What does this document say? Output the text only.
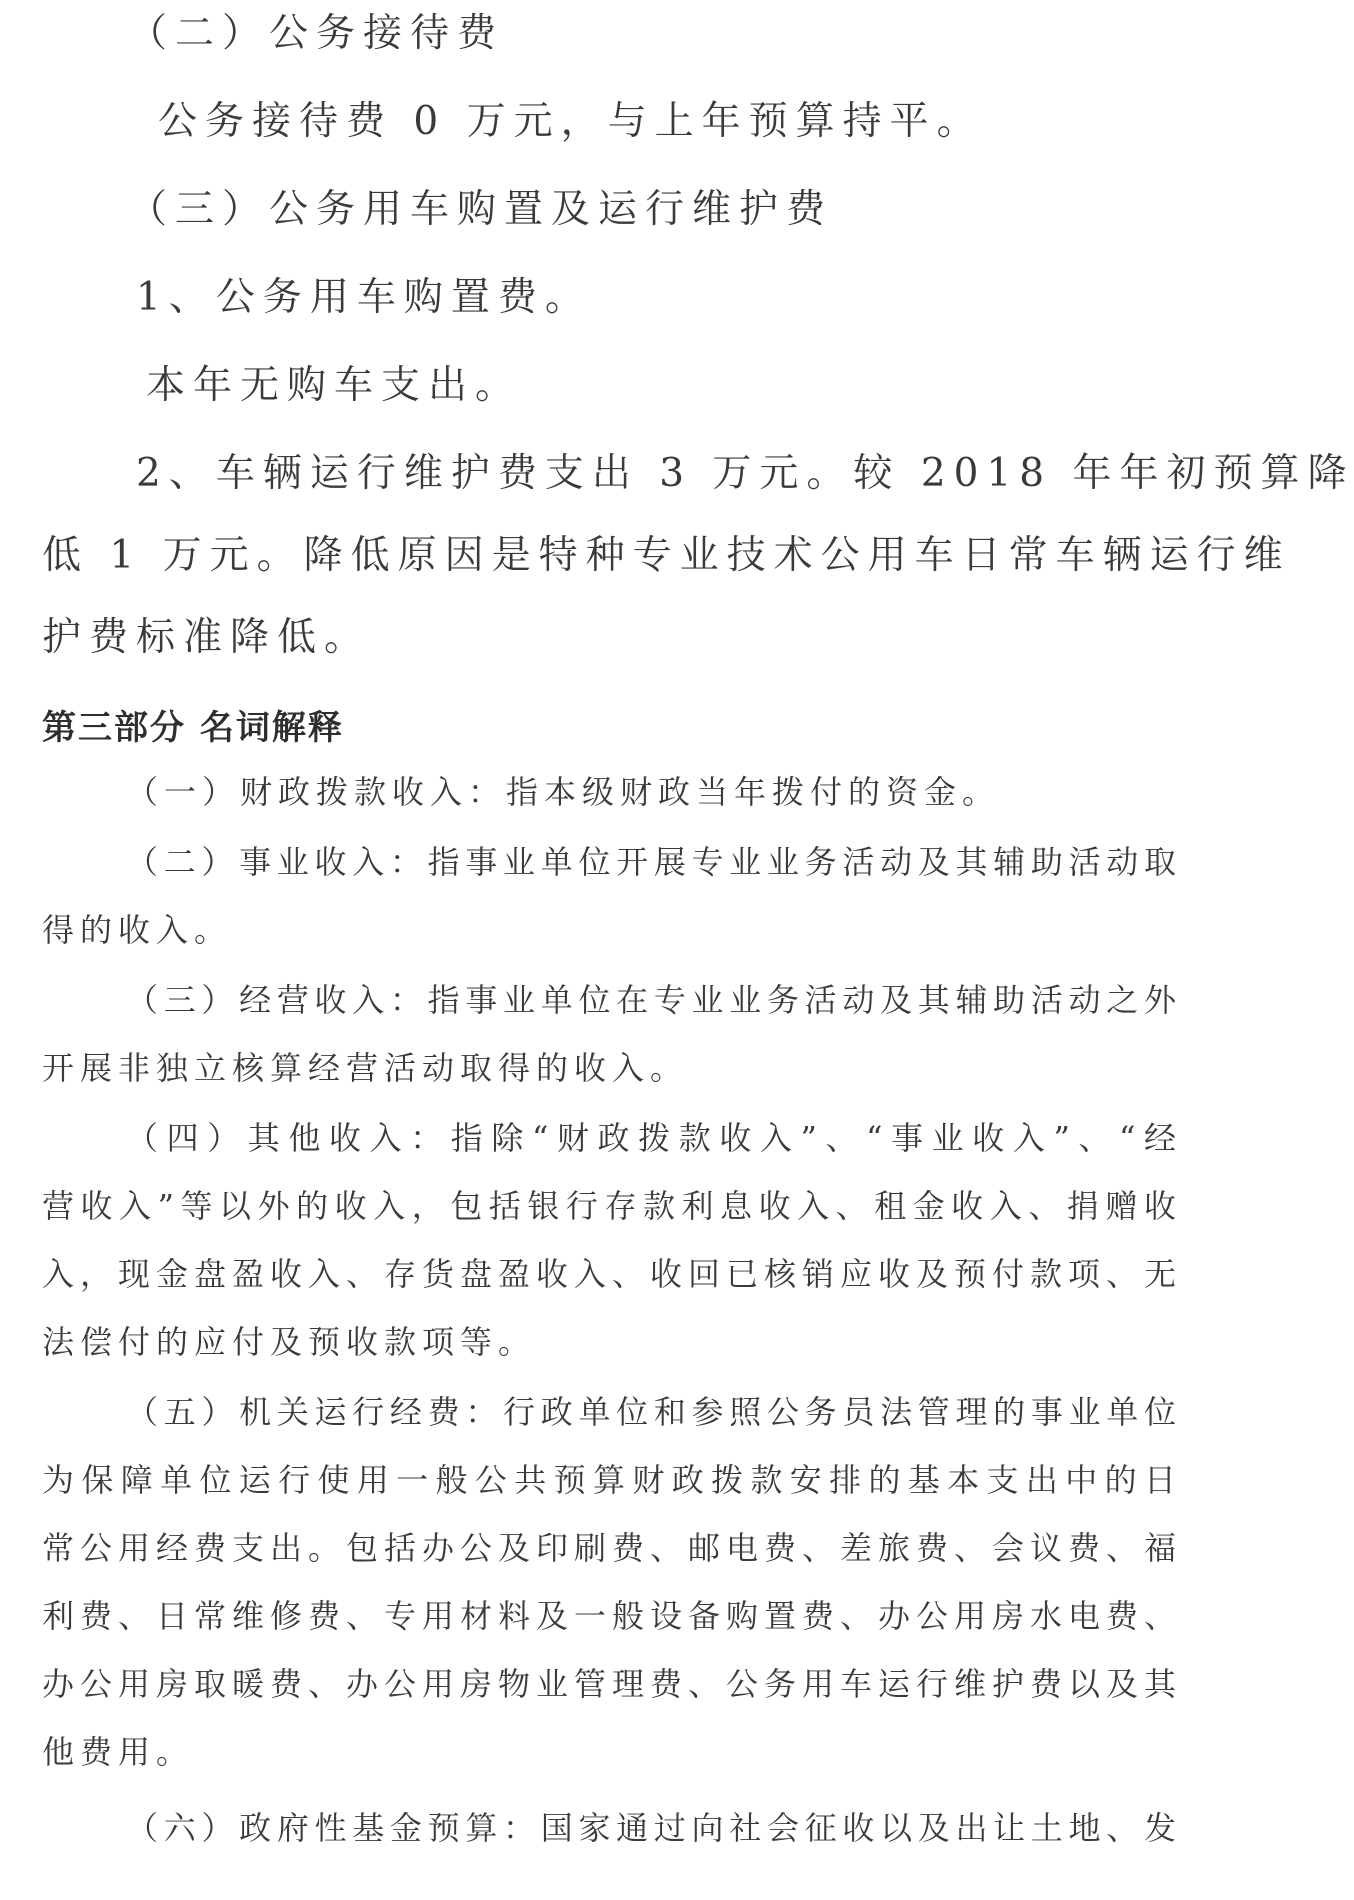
（二）公务接待费
公务接待费 0 万元，与上年预算持平。
（三）公务用车购置及运行维护费
1、公务用车购置费。
本年无购车支出。
2、车辆运行维护费支出 3 万元。较 2018 年年初预算降
低 1 万元。降低原因是特种专业技术公用车日常车辆运行维
护费标准降低。
第三部分 名词解释
（一）财政拨款收入：指本级财政当年拨付的资金。
（二）事业收入：指事业单位开展专业业务活动及其辅助活动取
得的收入。
（三）经营收入：指事业单位在专业业务活动及其辅助活动之外
开展非独立核算经营活动取得的收入。
（四）其他收入：指除“财政拨款收入”、“事业收入”、“经
营收入”等以外的收入，包括银行存款利息收入、租金收入、捐赠收
入，现金盘盈收入、存货盘盈收入、收回已核销应收及预付款项、无
法偿付的应付及预收款项等。
（五）机关运行经费：行政单位和参照公务员法管理的事业单位
为保障单位运行使用一般公共预算财政拨款安排的基本支出中的日
常公用经费支出。包括办公及印刷费、邮电费、差旅费、会议费、福
利费、日常维修费、专用材料及一般设备购置费、办公用房水电费、
办公用房取暖费、办公用房物业管理费、公务用车运行维护费以及其
他费用。
（六）政府性基金预算：国家通过向社会征收以及出让土地、发
